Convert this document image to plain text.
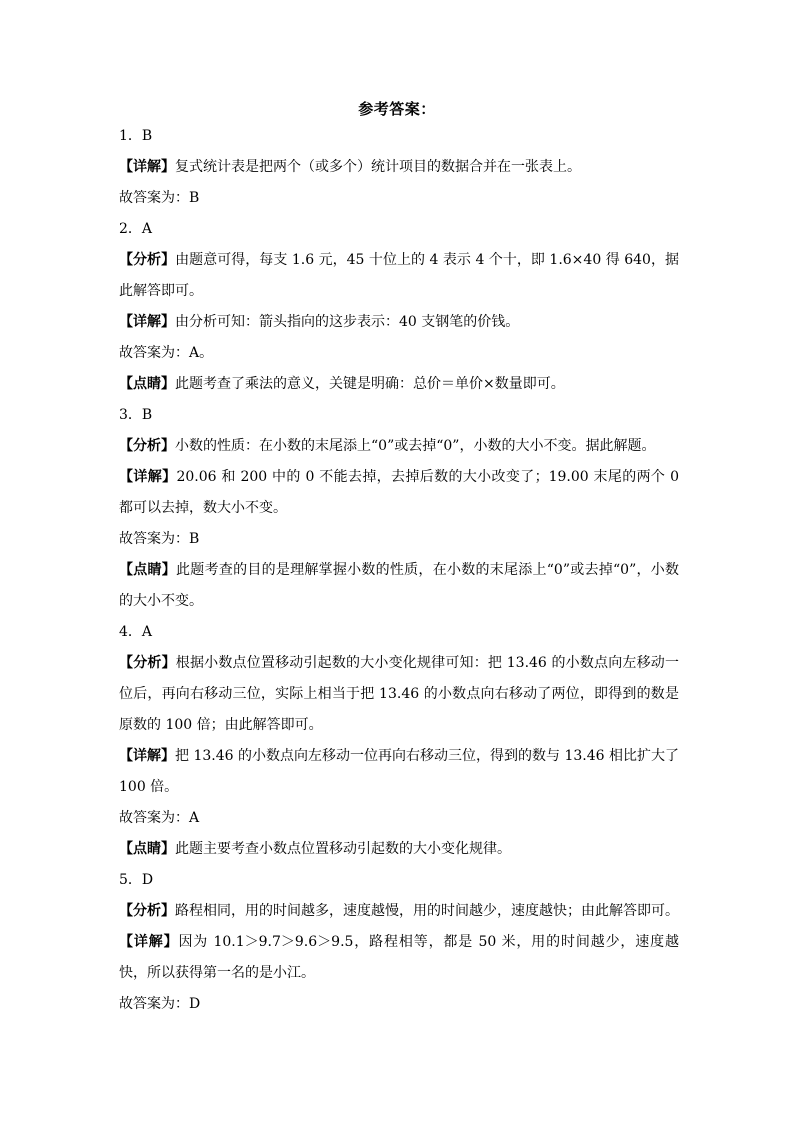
参考答案：

1．B

【详解】复式统计表是把两个（或多个）统计项目的数据合并在一张表上。

故答案为：B

2．A

【分析】由题意可得，每支 1.6 元，45 十位上的 4 表示 4 个十，即 1.6×40 得 640，据此解答即可。

【详解】由分析可知：箭头指向的这步表示：40 支钢笔的价钱。

故答案为：A。

【点睛】此题考查了乘法的意义，关键是明确：总价＝单价×数量即可。

3．B

【分析】小数的性质：在小数的末尾添上“0”或去掉“0”，小数的大小不变。据此解题。

【详解】20.06 和 200 中的 0 不能去掉，去掉后数的大小改变了；19.00 末尾的两个 0 都可以去掉，数大小不变。

故答案为：B

【点睛】此题考查的目的是理解掌握小数的性质，在小数的末尾添上“0”或去掉“0”，小数的大小不变。

4．A

【分析】根据小数点位置移动引起数的大小变化规律可知：把 13.46 的小数点向左移动一位后，再向右移动三位，实际上相当于把 13.46 的小数点向右移动了两位，即得到的数是原数的 100 倍；由此解答即可。

【详解】把 13.46 的小数点向左移动一位再向右移动三位，得到的数与 13.46 相比扩大了 100 倍。

故答案为：A

【点睛】此题主要考查小数点位置移动引起数的大小变化规律。

5．D

【分析】路程相同，用的时间越多，速度越慢，用的时间越少，速度越快；由此解答即可。

【详解】因为 10.1＞9.7＞9.6＞9.5，路程相等，都是 50 米，用的时间越少，速度越快，所以获得第一名的是小江。

故答案为：D
